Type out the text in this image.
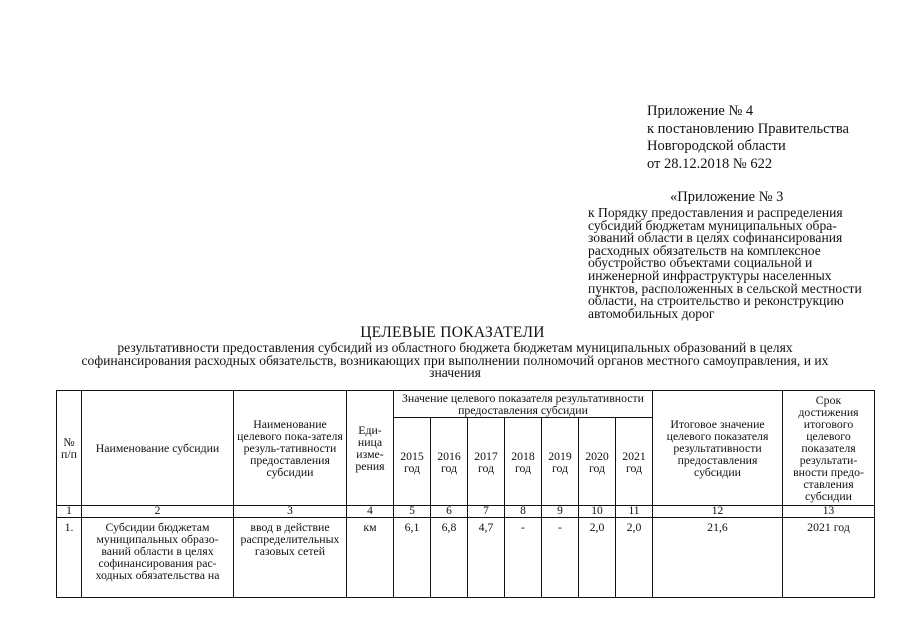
Приложение № 4
к постановлению Правительства
Новгородской области
от 28.12.2018 № 622
«Приложение № 3
к Порядку предоставления и распределения субсидий бюджетам муниципальных обра-зований области в целях софинансирования расходных обязательств на комплексное обустройство объектами социальной и инженерной инфраструктуры населенных пунктов, расположенных в сельской местности области, на строительство и реконструкцию автомобильных дорог
ЦЕЛЕВЫЕ ПОКАЗАТЕЛИ
результативности предоставления субсидий из областного бюджета бюджетам муниципальных образований в целях софинансирования расходных обязательств, возникающих при выполнении полномочий органов местного самоуправления, и их значения
№ п/п	Наименование субсидии	Наименование целевого пока-зателя резуль-тативности предоставления субсидии	Еди-ница изме-рения	Значение целевого показателя результативности предоставления субсидии							Итоговое значение целевого показателя результативности предоставления субсидии	Срок достижения итогового целевого показателя результати-вности предо-ставления субсидии
				2015 год	2016 год	2017 год	2018 год	2019 год	2020 год	2021 год		
1	2	3	4	5	6	7	8	9	10	11	12	13
1.	Субсидии бюджетам муниципальных образо-ваний области в целях софинансирования рас-ходных обязательства на	ввод в действие распределительных газовых сетей	км	6,1	6,8	4,7	-	-	2,0	2,0	21,6	2021 год
